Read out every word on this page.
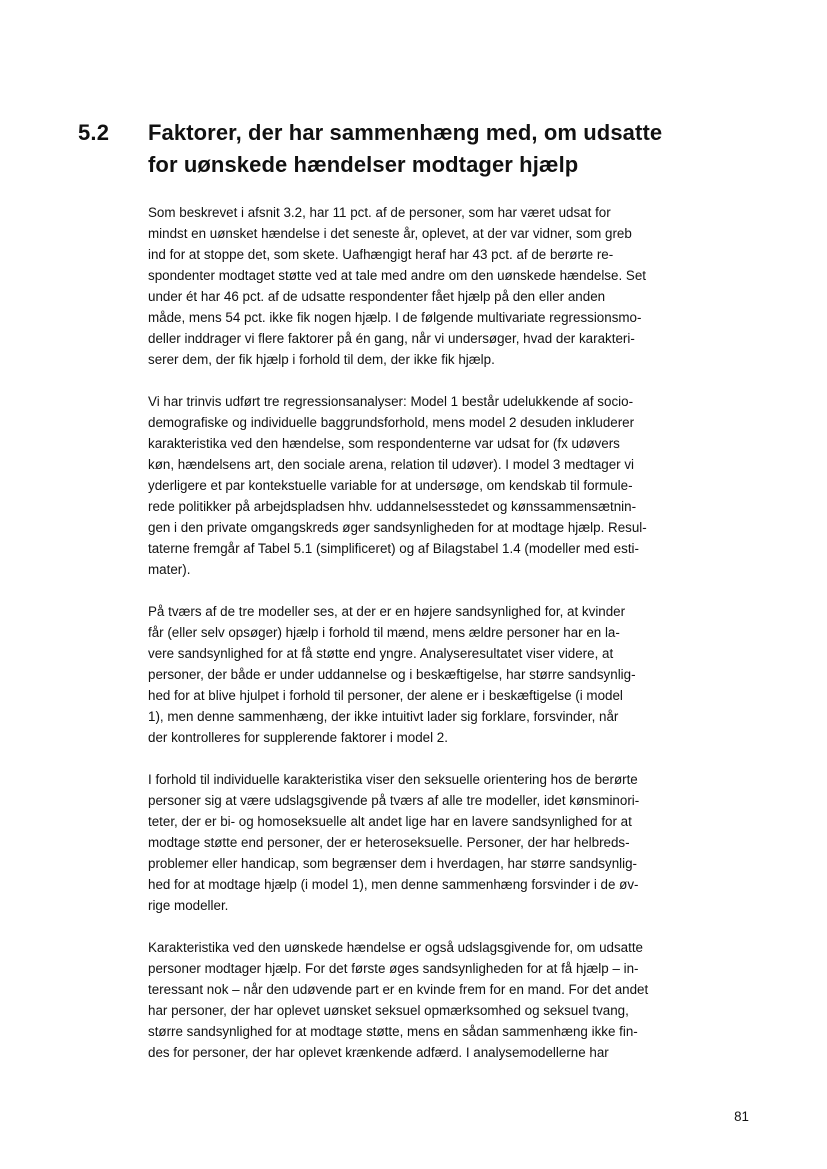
5.2 Faktorer, der har sammenhæng med, om udsatte
for uønskede hændelser modtager hjælp
Som beskrevet i afsnit 3.2, har 11 pct. af de personer, som har været udsat for
mindst en uønsket hændelse i det seneste år, oplevet, at der var vidner, som greb
ind for at stoppe det, som skete. Uafhængigt heraf har 43 pct. af de berørte re-
spondenter modtaget støtte ved at tale med andre om den uønskede hændelse. Set
under ét har 46 pct. af de udsatte respondenter fået hjælp på den eller anden
måde, mens 54 pct. ikke fik nogen hjælp. I de følgende multivariate regressionsmo-
deller inddrager vi flere faktorer på én gang, når vi undersøger, hvad der karakteri-
serer dem, der fik hjælp i forhold til dem, der ikke fik hjælp.
Vi har trinvis udført tre regressionsanalyser: Model 1 består udelukkende af socio-
demografiske og individuelle baggrundsforhold, mens model 2 desuden inkluderer
karakteristika ved den hændelse, som respondenterne var udsat for (fx udøvers
køn, hændelsens art, den sociale arena, relation til udøver). I model 3 medtager vi
yderligere et par kontekstuelle variable for at undersøge, om kendskab til formule-
rede politikker på arbejdspladsen hhv. uddannelsesstedet og kønssammensætnin-
gen i den private omgangskreds øger sandsynligheden for at modtage hjælp. Resul-
taterne fremgår af Tabel 5.1 (simplificeret) og af Bilagstabel 1.4 (modeller med esti-
mater).
På tværs af de tre modeller ses, at der er en højere sandsynlighed for, at kvinder
får (eller selv opsøger) hjælp i forhold til mænd, mens ældre personer har en la-
vere sandsynlighed for at få støtte end yngre. Analyseresultatet viser videre, at
personer, der både er under uddannelse og i beskæftigelse, har større sandsynlig-
hed for at blive hjulpet i forhold til personer, der alene er i beskæftigelse (i model
1), men denne sammenhæng, der ikke intuitivt lader sig forklare, forsvinder, når
der kontrolleres for supplerende faktorer i model 2.
I forhold til individuelle karakteristika viser den seksuelle orientering hos de berørte
personer sig at være udslagsgivende på tværs af alle tre modeller, idet kønsminori-
teter, der er bi- og homoseksuelle alt andet lige har en lavere sandsynlighed for at
modtage støtte end personer, der er heteroseksuelle. Personer, der har helbreds-
problemer eller handicap, som begrænser dem i hverdagen, har større sandsynlig-
hed for at modtage hjælp (i model 1), men denne sammenhæng forsvinder i de øv-
rige modeller.
Karakteristika ved den uønskede hændelse er også udslagsgivende for, om udsatte
personer modtager hjælp. For det første øges sandsynligheden for at få hjælp – in-
teressant nok – når den udøvende part er en kvinde frem for en mand. For det andet
har personer, der har oplevet uønsket seksuel opmærksomhed og seksuel tvang,
større sandsynlighed for at modtage støtte, mens en sådan sammenhæng ikke fin-
des for personer, der har oplevet krænkende adfærd. I analysemodellerne har
81
